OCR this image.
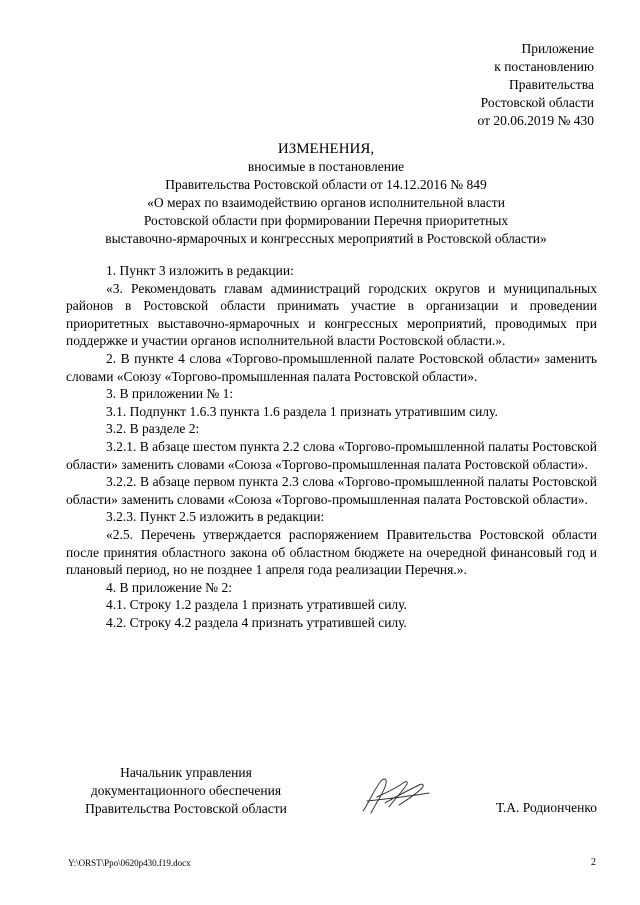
Приложение
к постановлению
Правительства
Ростовской области
от 20.06.2019 № 430
ИЗМЕНЕНИЯ,
вносимые в постановление
Правительства Ростовской области от 14.12.2016 № 849
«О мерах по взаимодействию органов исполнительной власти
Ростовской области при формировании Перечня приоритетных
выставочно-ярмарочных и конгрессных мероприятий в Ростовской области»

1. Пункт 3 изложить в редакции:

«3. Рекомендовать главам администраций городских округов и муниципальных районов в Ростовской области принимать участие в организации и проведении приоритетных выставочно-ярмарочных и конгрессных мероприятий, проводимых при поддержке и участии органов исполнительной власти Ростовской области.».

2. В пункте 4 слова «Торгово-промышленной палате Ростовской области» заменить словами «Союзу «Торгово-промышленная палата Ростовской области».

3. В приложении № 1:

3.1. Подпункт 1.6.3 пункта 1.6 раздела 1 признать утратившим силу.

3.2. В разделе 2:

3.2.1. В абзаце шестом пункта 2.2 слова «Торгово-промышленной палаты Ростовской области» заменить словами «Союза «Торгово-промышленная палата Ростовской области».

3.2.2. В абзаце первом пункта 2.3 слова «Торгово-промышленной палаты Ростовской области» заменить словами «Союза «Торгово-промышленная палата Ростовской области».

3.2.3. Пункт 2.5 изложить в редакции:

«2.5. Перечень утверждается распоряжением Правительства Ростовской области после принятия областного закона об областном бюджете на очередной финансовый год и плановый период, но не позднее 1 апреля года реализации Перечня.».

4. В приложение № 2:

4.1. Строку 1.2 раздела 1 признать утратившей силу.

4.2. Строку 4.2 раздела 4 признать утратившей силу.

Начальник управления
документационного обеспечения
Правительства Ростовской области	Т.А. Родионченко
Y:\ORST\Ppo\0620p430.f19.docx	2
